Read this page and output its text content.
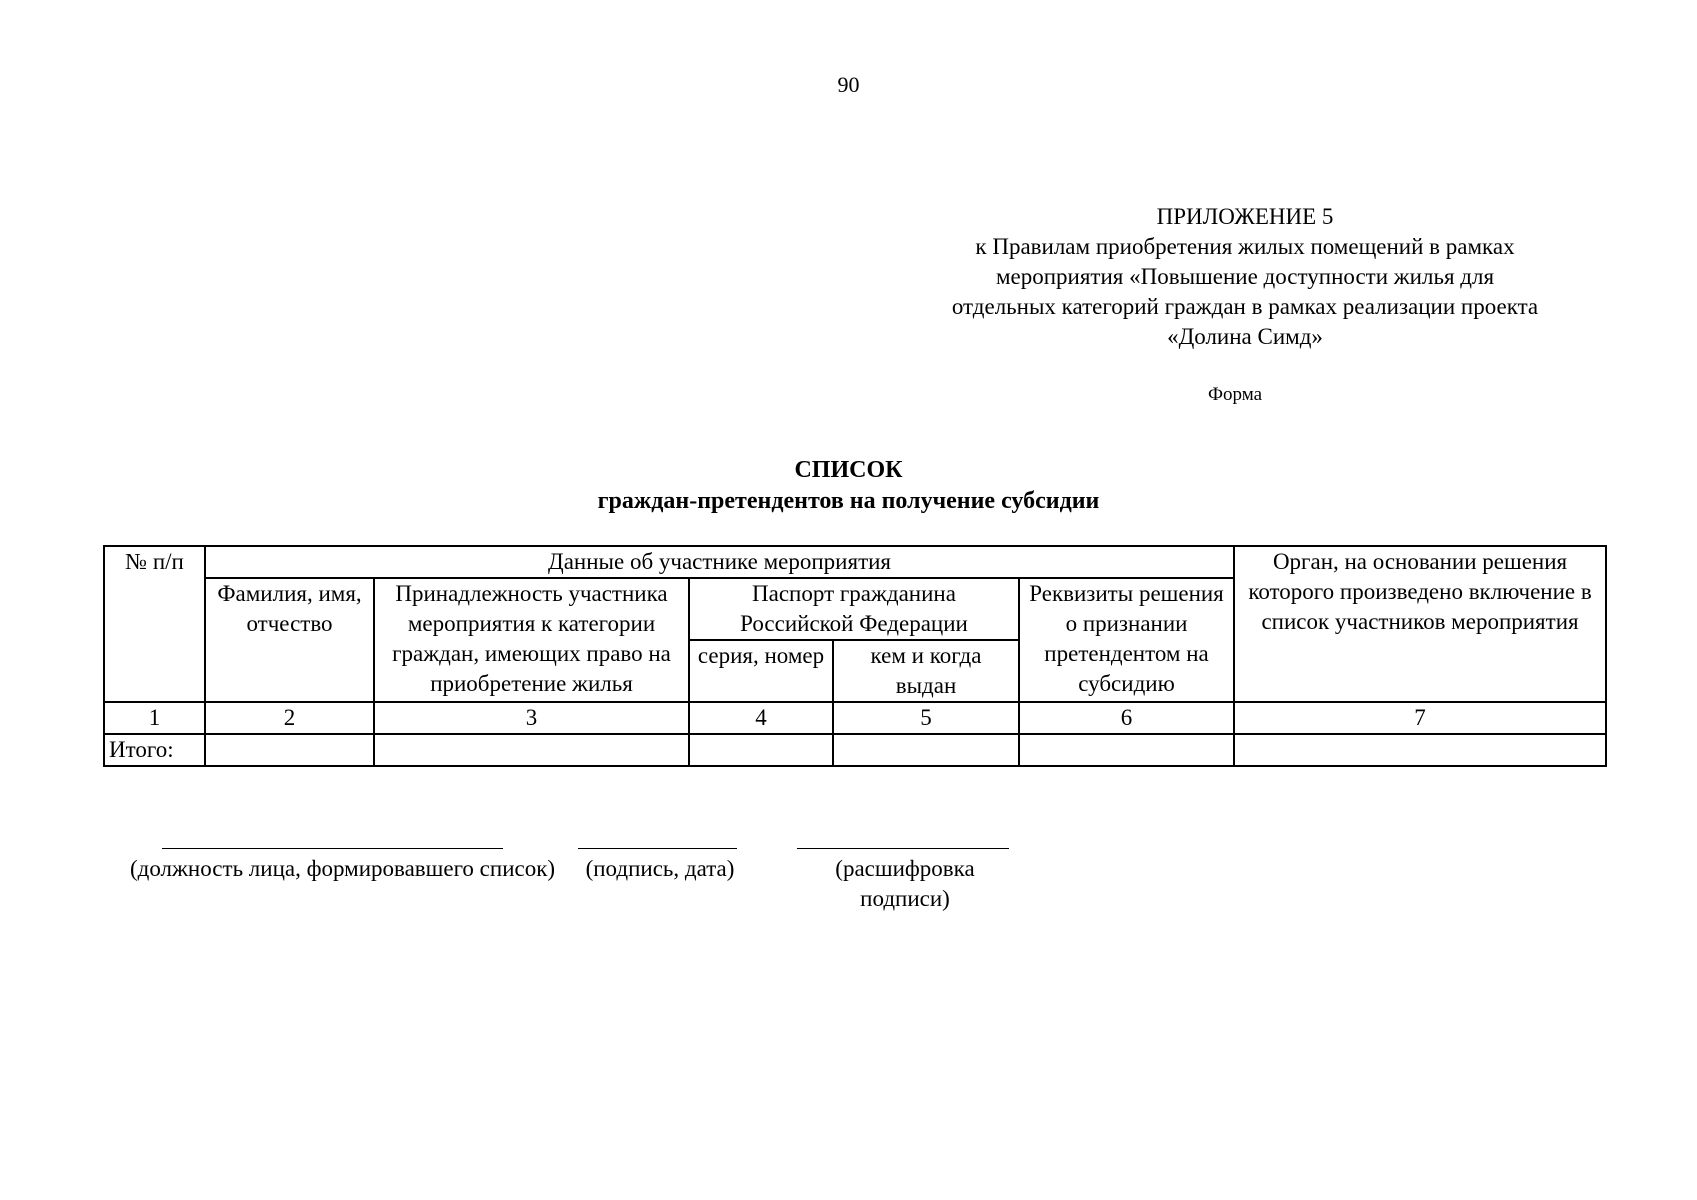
90
ПРИЛОЖЕНИЕ 5
к Правилам приобретения жилых помещений в рамках
мероприятия «Повышение доступности жилья для
отдельных категорий граждан в рамках реализации проекта
«Долина Симд»
Форма
СПИСОК
граждан-претендентов на получение субсидии
№ п/п	Данные об участнике мероприятия					Орган, на основании решения которого произведено включение в список участников мероприятия
	Фамилия, имя, отчество	Принадлежность участника мероприятия к категории граждан, имеющих право на приобретение жилья	Паспорт гражданина Российской Федерации		Реквизиты решения о признании претендентом на субсидию	
			серия, номер	кем и когда выдан		
1	2	3	4	5	6	7
Итого:						
(должность лица, формировавшего список)	(подпись, дата)	(расшифровка подписи)
